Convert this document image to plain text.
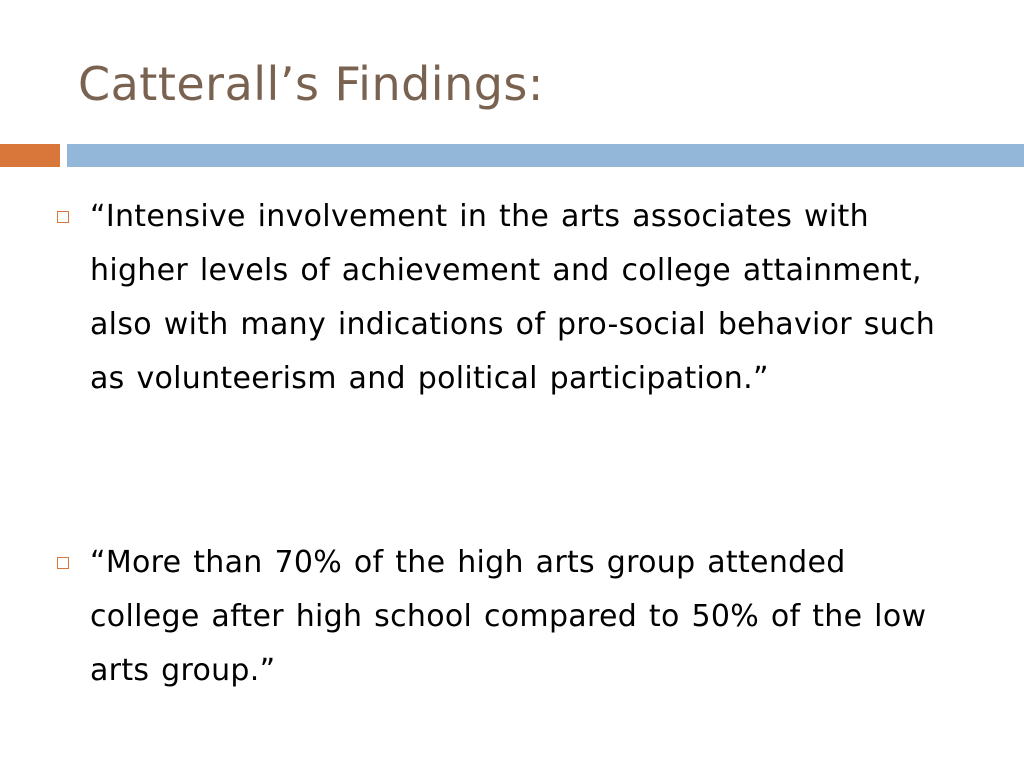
Catterall’s Findings:
“Intensive involvement in the arts associates with higher levels of achievement and college attainment, also with many indications of pro-social behavior such as volunteerism and political participation.”
“More than 70% of the high arts group attended college after high school compared to 50% of the low arts group.”
